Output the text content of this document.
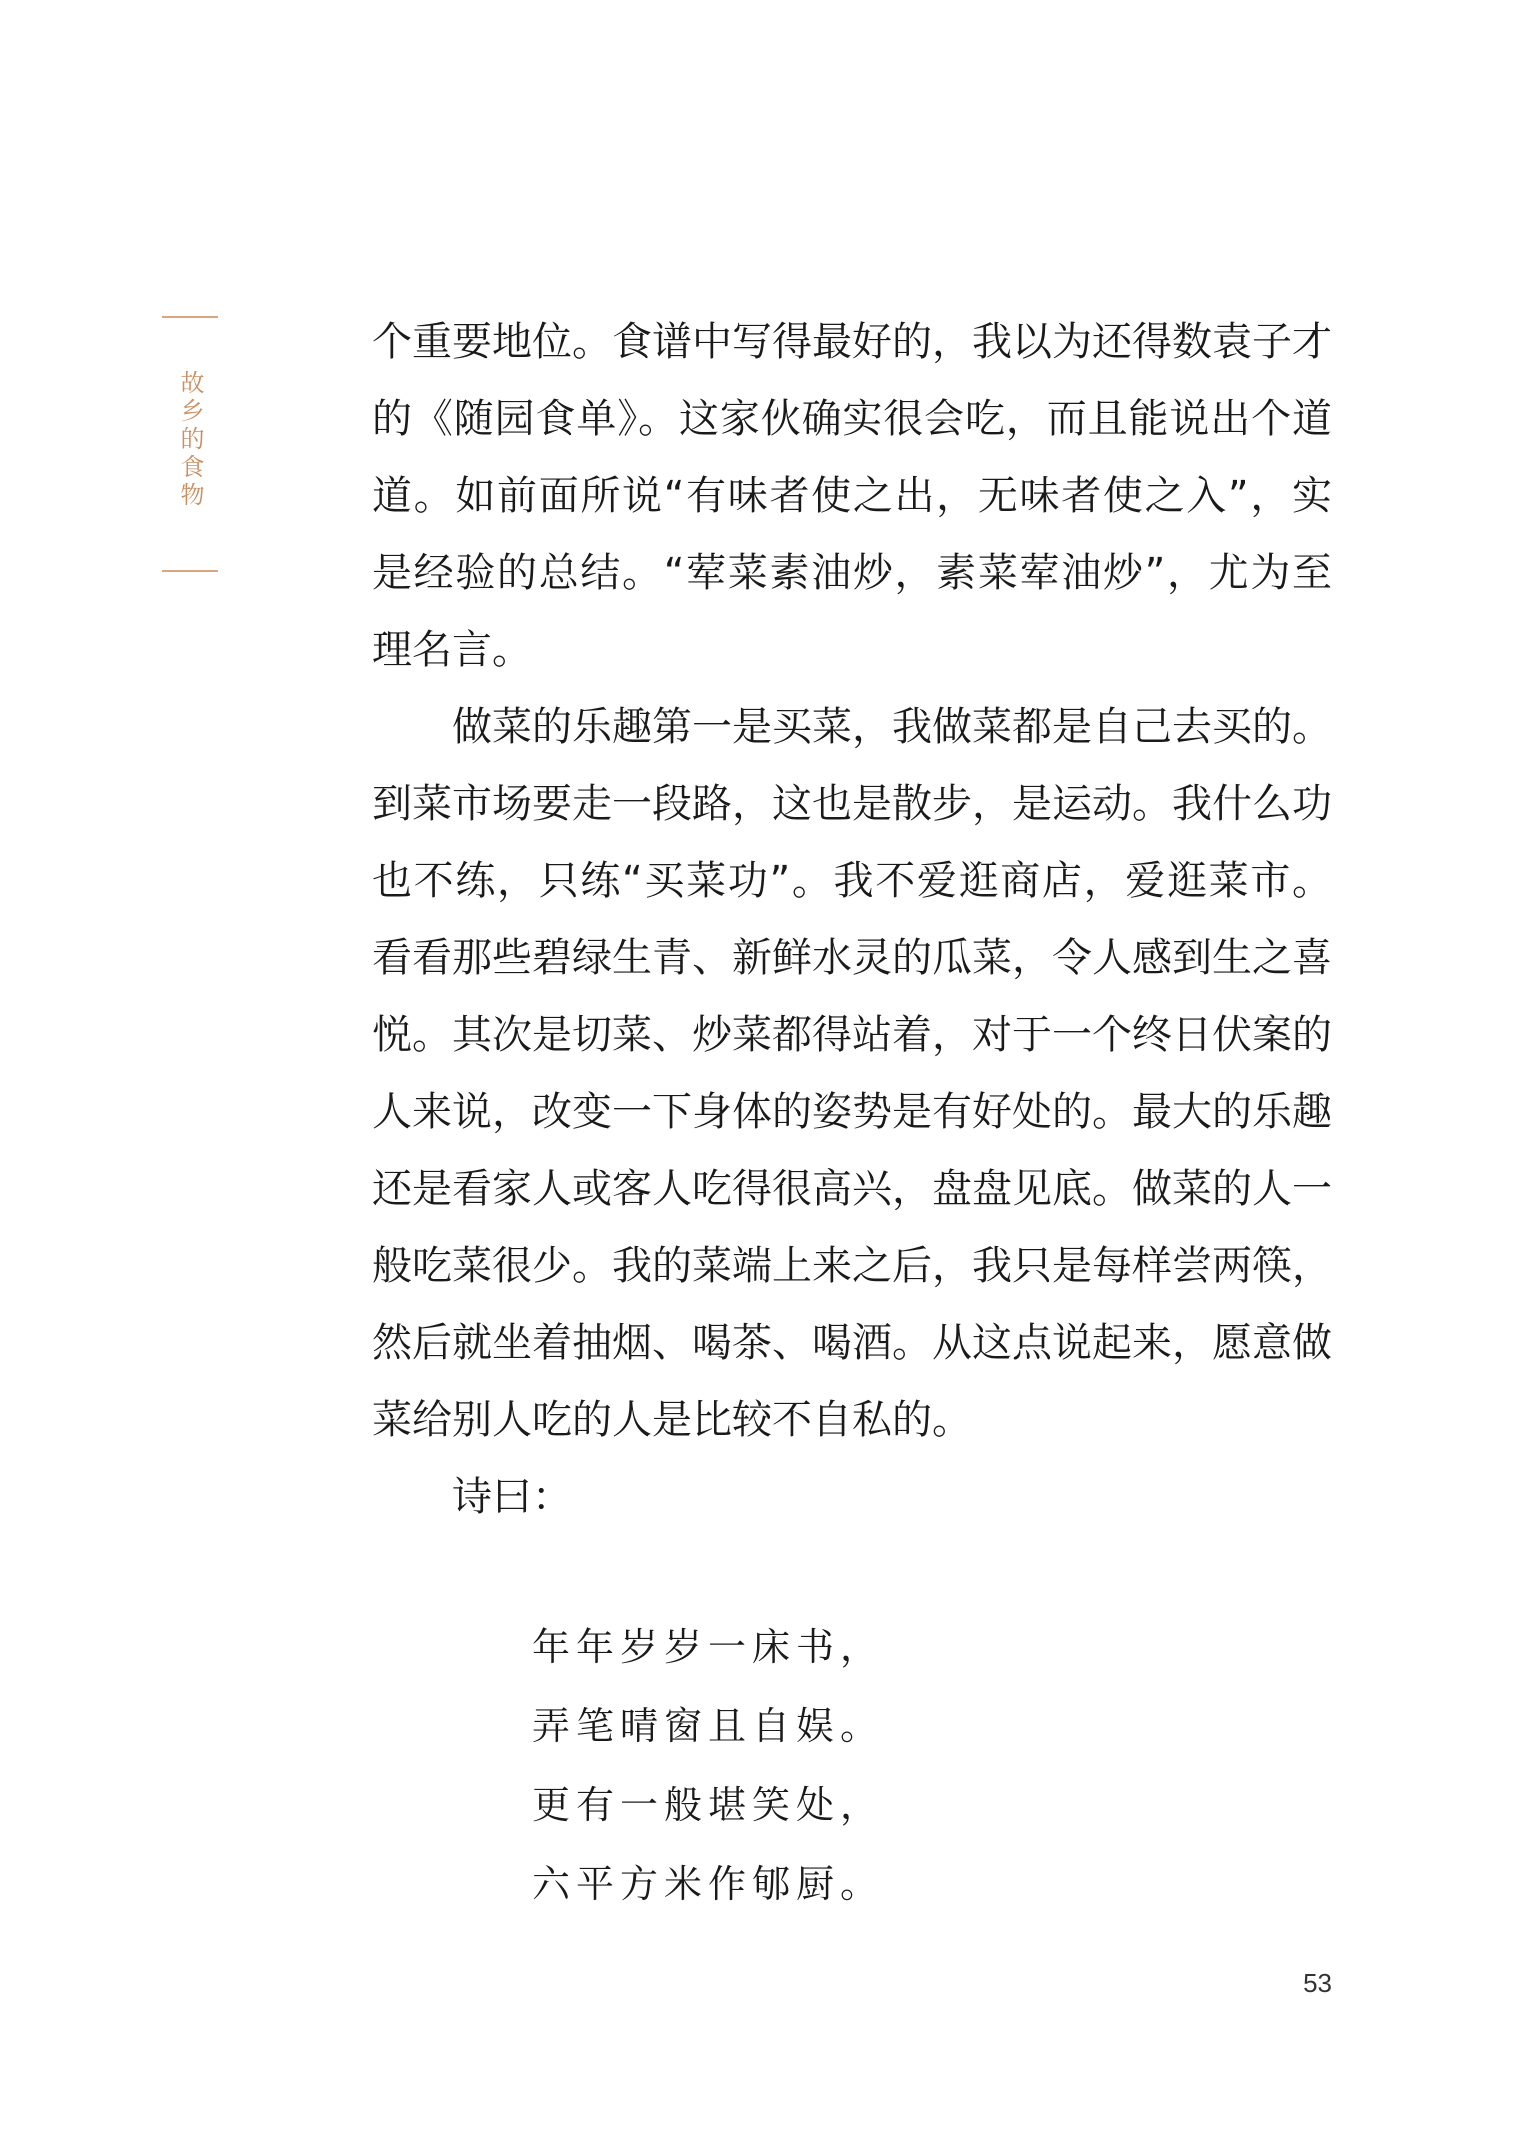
故乡的食物

个重要地位。食谱中写得最好的，我以为还得数袁子才的《随园食单》。这家伙确实很会吃，而且能说出个道道。如前面所说“有味者使之出，无味者使之入”，实是经验的总结。“荤菜素油炒，素菜荤油炒”，尤为至理名言。

做菜的乐趣第一是买菜，我做菜都是自己去买的。到菜市场要走一段路，这也是散步，是运动。我什么功也不练，只练“买菜功”。我不爱逛商店，爱逛菜市。看看那些碧绿生青、新鲜水灵的瓜菜，令人感到生之喜悦。其次是切菜、炒菜都得站着，对于一个终日伏案的人来说，改变一下身体的姿势是有好处的。最大的乐趣还是看家人或客人吃得很高兴，盘盘见底。做菜的人一般吃菜很少。我的菜端上来之后，我只是每样尝两筷，然后就坐着抽烟、喝茶、喝酒。从这点说起来，愿意做菜给别人吃的人是比较不自私的。

诗曰：

年年岁岁一床书，
弄笔晴窗且自娱。
更有一般堪笑处，
六平方米作郇厨。
53
